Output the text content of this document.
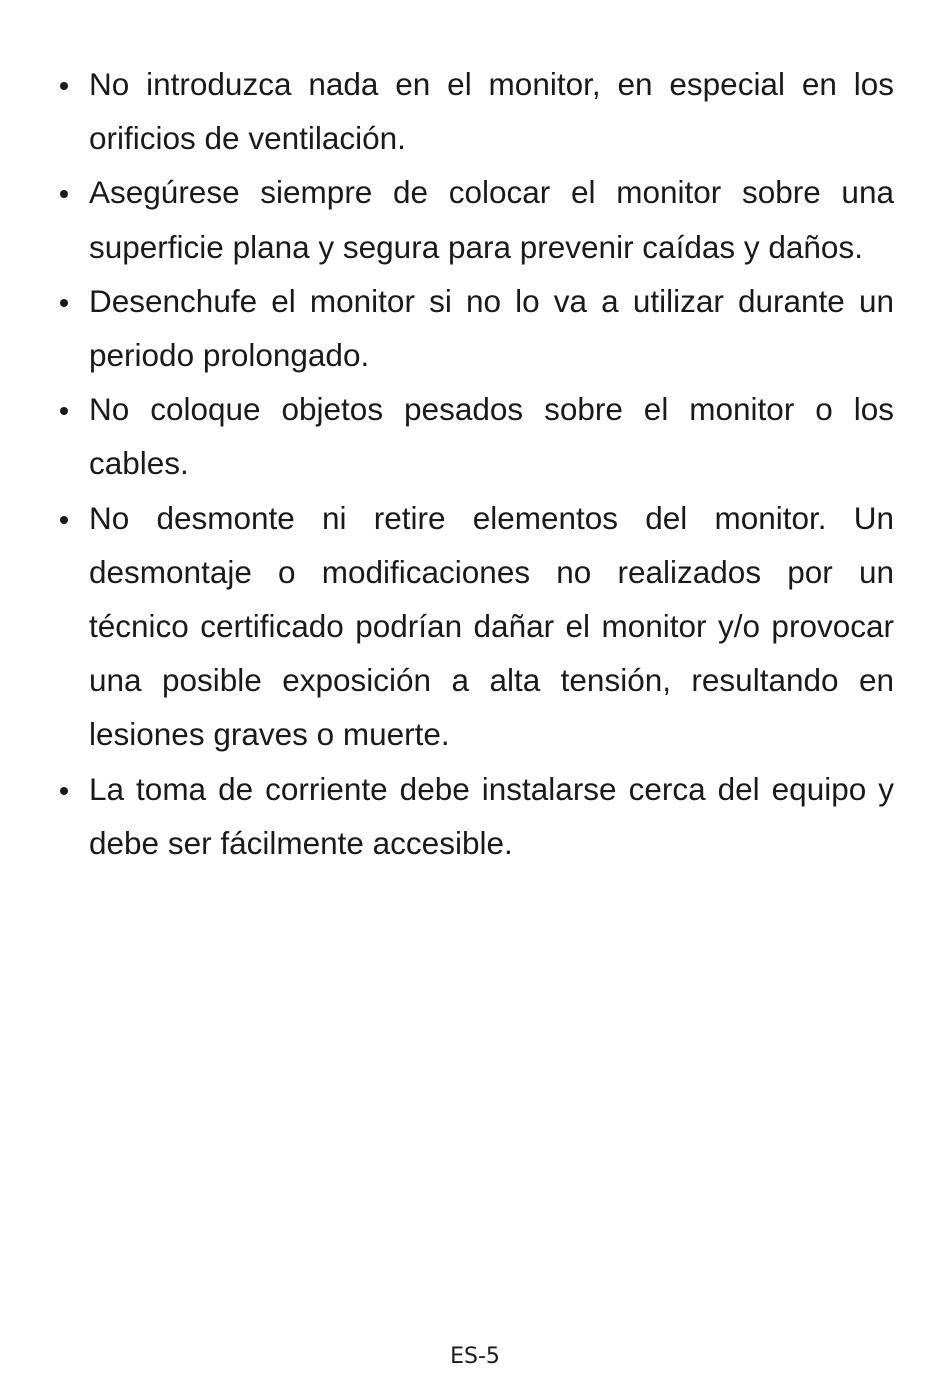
No introduzca nada en el monitor, en especial en los orificios de ventilación.
Asegúrese siempre de colocar el monitor sobre una superficie plana y segura para prevenir caídas y daños.
Desenchufe el monitor si no lo va a utilizar durante un periodo prolongado.
No coloque objetos pesados sobre el monitor o los cables.
No desmonte ni retire elementos del monitor. Un desmontaje o modificaciones no realizados por un técnico certificado podrían dañar el monitor y/o provocar una posible exposición a alta tensión, resultando en lesiones graves o muerte.
La toma de corriente debe instalarse cerca del equipo y debe ser fácilmente accesible.
ES-5
